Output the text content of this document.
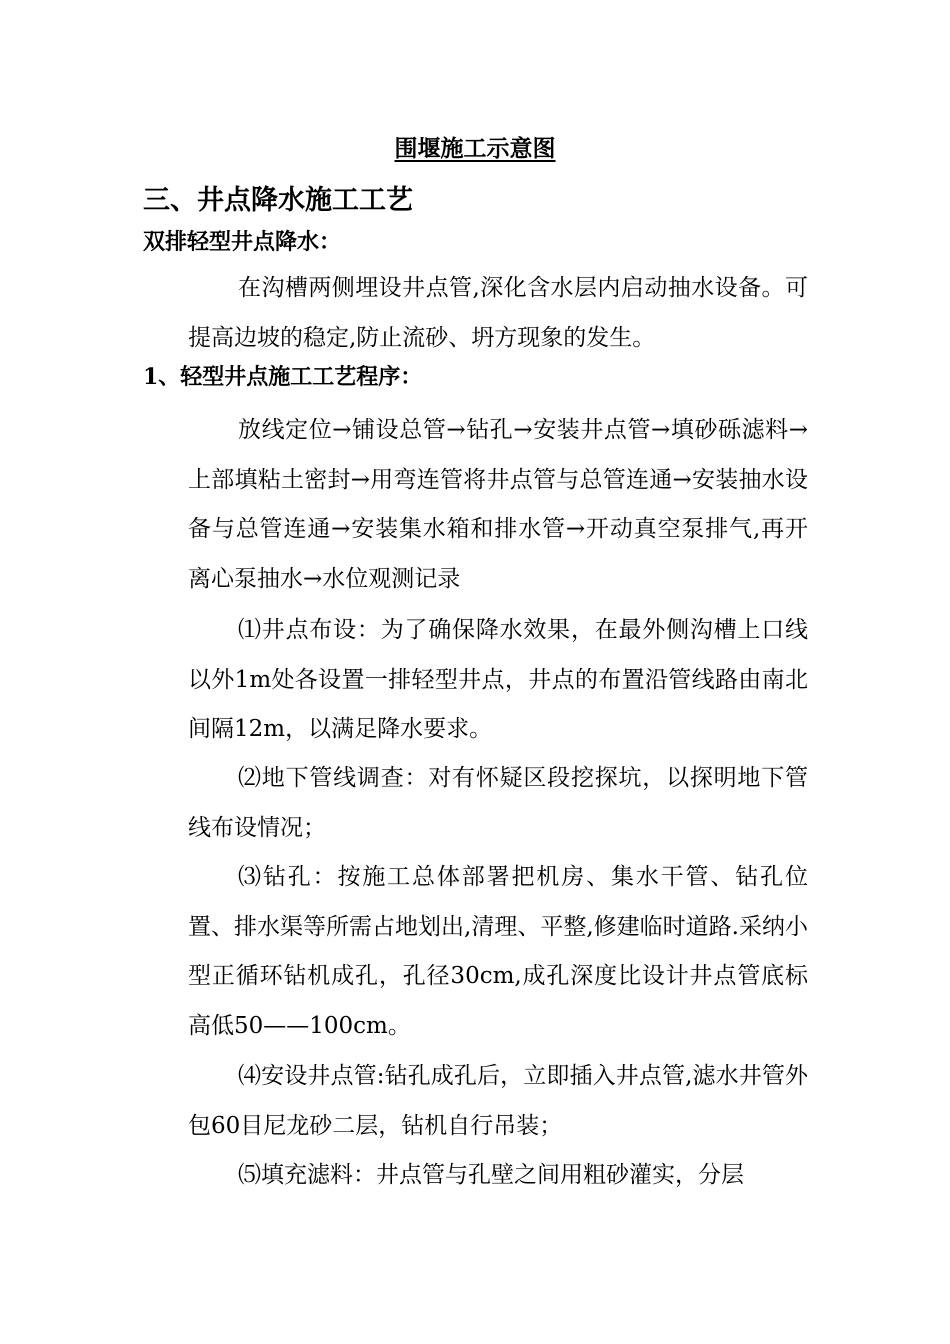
围堰施工示意图

三、井点降水施工工艺
双排轻型井点降水：

在沟槽两侧埋设井点管,深化含水层内启动抽水设备。可提高边坡的稳定,防止流砂、坍方现象的发生。

1、轻型井点施工工艺程序：

放线定位→铺设总管→钻孔→安装井点管→填砂砾滤料→上部填粘土密封→用弯连管将井点管与总管连通→安装抽水设备与总管连通→安装集水箱和排水管→开动真空泵排气,再开离心泵抽水→水位观测记录

⑴井点布设：为了确保降水效果，在最外侧沟槽上口线以外1m处各设置一排轻型井点，井点的布置沿管线路由南北间隔12m，以满足降水要求。

⑵地下管线调查：对有怀疑区段挖探坑，以探明地下管线布设情况；

⑶钻孔：按施工总体部署把机房、集水干管、钻孔位置、排水渠等所需占地划出,清理、平整,修建临时道路.采纳小型正循环钻机成孔，孔径30cm,成孔深度比设计井点管底标高低50——100cm。

⑷安设井点管:钻孔成孔后，立即插入井点管,滤水井管外包60目尼龙砂二层，钻机自行吊装；

⑸填充滤料：井点管与孔壁之间用粗砂灌实，分层
